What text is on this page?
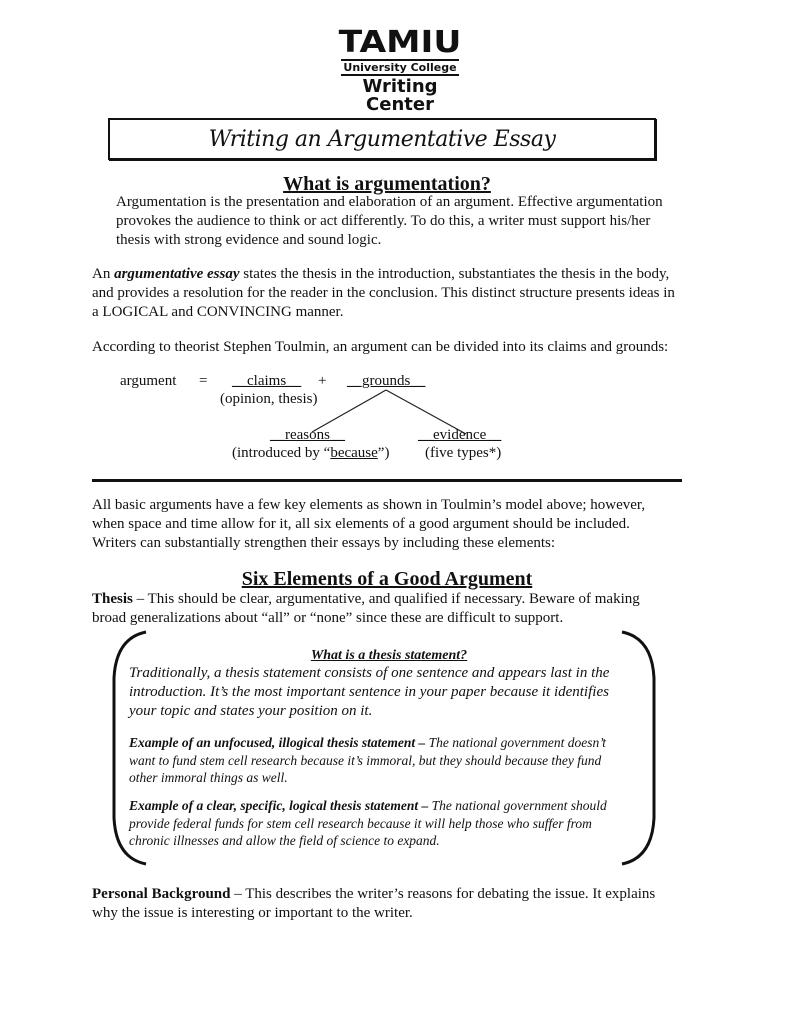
TAMIU
University College
Writing
Center
Writing an Argumentative Essay
What is argumentation?
Argumentation is the presentation and elaboration of an argument. Effective argumentation
provokes the audience to think or act differently. To do this, a writer must support his/her
thesis with strong evidence and sound logic.
An argumentative essay states the thesis in the introduction, substantiates the thesis in the body,
and provides a resolution for the reader in the conclusion. This distinct structure presents ideas in
a LOGICAL and CONVINCING manner.
According to theorist Stephen Toulmin, an argument can be divided into its claims and grounds:
argument = __claims__ + __grounds__
(opinion, thesis)
__reasons__
(introduced by “because”)
__evidence__
(five types*)
All basic arguments have a few key elements as shown in Toulmin’s model above; however,
when space and time allow for it, all six elements of a good argument should be included.
Writers can substantially strengthen their essays by including these elements:
Six Elements of a Good Argument
Thesis – This should be clear, argumentative, and qualified if necessary. Beware of making
broad generalizations about “all” or “none” since these are difficult to support.
What is a thesis statement?
Traditionally, a thesis statement consists of one sentence and appears last in the
introduction. It’s the most important sentence in your paper because it identifies
your topic and states your position on it.
Example of an unfocused, illogical thesis statement – The national government doesn’t
want to fund stem cell research because it’s immoral, but they should because they fund
other immoral things as well.
Example of a clear, specific, logical thesis statement – The national government should
provide federal funds for stem cell research because it will help those who suffer from
chronic illnesses and allow the field of science to expand.
Personal Background – This describes the writer’s reasons for debating the issue. It explains
why the issue is interesting or important to the writer.
